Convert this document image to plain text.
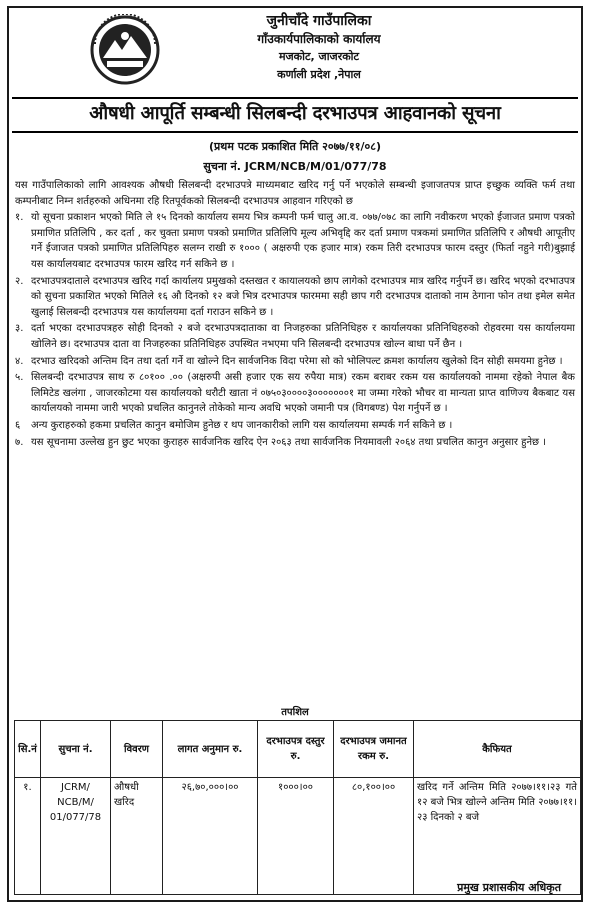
जुनीचाँदे गाउँपालिका
गाँउकार्यपालिकाको कार्यालय
मजकोट, जाजरकोट
कर्णाली प्रदेश ,नेपाल
औषधी आपूर्ति सम्बन्धी सिलबन्दी दरभाउपत्र आहवानको सूचना
(प्रथम पटक प्रकाशित मिति २०७७/११/०८)
सुचना नं. JCRM/NCB/M/01/077/78

यस गाउँपालिकाको लागि आवश्यक औषधी सिलबन्दी दरभाउपत्रे माध्यमबाट खरिद गर्नु पर्ने भएकोले सम्बन्धी इजाजतपत्र प्राप्त इच्छुक व्यक्ति फर्म तथा कम्पनीबाट निम्न शर्तहरुको अधिनमा रहि रितपूर्वकको सिलबन्दी दरभाउपत्र आहवान गरिएको छ

१. यो सूचना प्रकाशन भएको मिति ले १५ दिनको कार्यालय समय भित्र कम्पनी फर्म चालु आ.व. ०७७/०७८ का लागि नवीकरण भएको ईजाजत प्रमाण पत्रको प्रमाणित प्रतिलिपि , कर दर्ता , कर चुक्ता प्रमाण पत्रको प्रमाणित प्रतिलिपि मूल्य अभिवृद्दि कर दर्ता प्रमाण पत्रकमां प्रमाणित प्रतिलिपि र औषधी आपूतीए गर्ने ईजाजत पत्रको प्रमाणित प्रतिलिपिहरु सलग्न राखी रु १००० ( अक्षरुपी एक हजार मात्र) रकम तिरी दरभाउपत्र फारम दस्तुर (फिर्ता नहुने गरी)बुझाई यस कार्यालयबाट दरभाउपत्र फारम खरिद गर्न सकिने छ ।
२. दरभाउपत्रदाताले दरभाउपत्र खरिद गर्दा कार्यालय प्रमुखको दस्तखत र कायालयको छाप लागेको दरभाउपत्र मात्र खरिद गर्नुपर्ने छ। खरिद भएको दरभाउपत्र को सुचना प्रकाशित भएको मितिले १६ औ दिनको १२ बजे भित्र दरभाउपत्र फारममा सही छाप गरी दरभाउपत्र दाताको नाम ठेगाना फोन तथा इमेल समेत खुलाई सिलबन्दी दरभाउपत्र यस कार्यालयमा दर्ता गराउन सकिने छ ।
३. दर्ता भएका दरभाउपत्रहरु सोही दिनको २ बजे दरभाउपत्रदाताका वा निजहरुका प्रतिनिधिहरु र कार्यालयका प्रतिनिधिहरुको रोहवरमा यस कार्यालयमा खोलिने छ। दरभाउपत्र दाता वा निजहरुका प्रतिनिधिहरु उपस्थित नभएमा पनि सिलबन्दी दरभाउपत्र खोल्न बाधा पर्ने छैन ।
४. दरभाउ खरिदको अन्तिम दिन तथा दर्ता गर्ने वा खोल्ने दिन सार्वजनिक विदा परेमा सो को भोलिपल्ट क्रमश कार्यालय खुलेको दिन सोही समयमा हुनेछ ।
५. सिलबन्दी दरभाउपत्र साथ रु ८०१०० .०० (अक्षरुपी असी हजार एक सय रुपैया मात्र) रकम बराबर रकम यस कार्यालयको नाममा रहेको नेपाल बैक लिमिटेड खलंगा , जाजरकोटमा यस कार्यालयको धरौटी खाता नं ०७५०३००००३०००००००१ मा जम्मा गरेको भौचर वा मान्यता प्राप्त वाणिज्य बैकबाट यस कार्यालयको नाममा जारी भएको प्रचलित कानुनले तोकेको मान्य अवधि भएको जमानी पत्र (विगबण्ड) पेश गर्नुपर्ने छ ।
६	अन्य कुराहरुको हकमा प्रचलित कानुन बमोजिम हुनेछ र थप जानकारीको लागि यस कार्यालयमा सम्पर्क गर्न सकिने छ ।
७. यस सूचनामा उल्लेख हुन छुट भएका कुराहरु सार्वजनिक खरिद ऐन २०६३ तथा सार्वजनिक नियमावली २०६४ तथा प्रचलित कानुन अनुसार हुनेछ ।
तपशिल
सि.नं	सुचना नं.	विवरण	लागत अनुमान रु.	दरभाउपत्र दस्तुर रु.	दरभाउपत्र जमानत रकम रु.	कैफियत
१.	JCRM/ NCB/M/ 01/077/78	औषधी खरिद	२६,७०,०००।००	१०००।००	८०,१००।००	खरिद गर्ने अन्तिम मिति २०७७।११।२३ गते १२ बजे भित्र खोल्ने अन्तिम मिति २०७७।११।२३ दिनको २ बजे
प्रमुख प्रशासकीय अधिकृत
